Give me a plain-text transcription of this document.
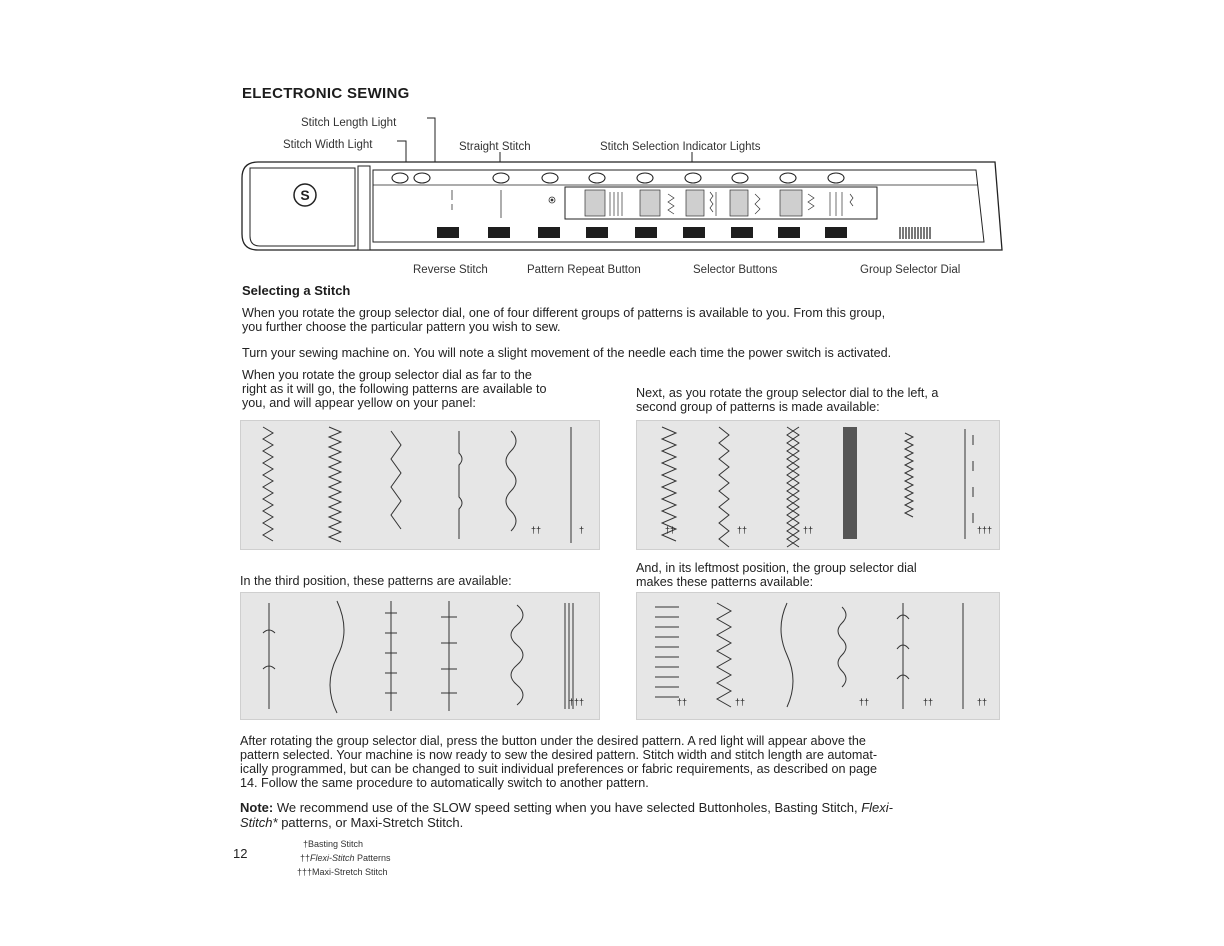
ELECTRONIC SEWING
Stitch Length Light
Stitch Width Light	Straight Stitch	Stitch Selection Indicator Lights
S
Reverse Stitch	Pattern Repeat Button	Selector Buttons	Group Selector Dial
Selecting a Stitch
When you rotate the group selector dial, one of four different groups of patterns is available to you. From this group,
you further choose the particular pattern you wish to sew.
Turn your sewing machine on. You will note a slight movement of the needle each time the power switch is activated.
When you rotate the group selector dial as far to the
right as it will go, the following patterns are available to
you, and will appear yellow on your panel:
Next, as you rotate the group selector dial to the left, a
second group of patterns is made available:
††	†	††	††	††	†††
In the third position, these patterns are available:
And, in its leftmost position, the group selector dial
makes these patterns available:
†††	††	††	††	††	††
After rotating the group selector dial, press the button under the desired pattern. A red light will appear above the
pattern selected. Your machine is now ready to sew the desired pattern. Stitch width and stitch length are automat-
ically programmed, but can be changed to suit individual preferences or fabric requirements, as described on page
14. Follow the same procedure to automatically switch to another pattern.
Note: We recommend use of the SLOW speed setting when you have selected Buttonholes, Basting Stitch, Flexi-
Stitch* patterns, or Maxi-Stretch Stitch.
12
†Basting Stitch
††Flexi-Stitch Patterns
†††Maxi-Stretch Stitch
